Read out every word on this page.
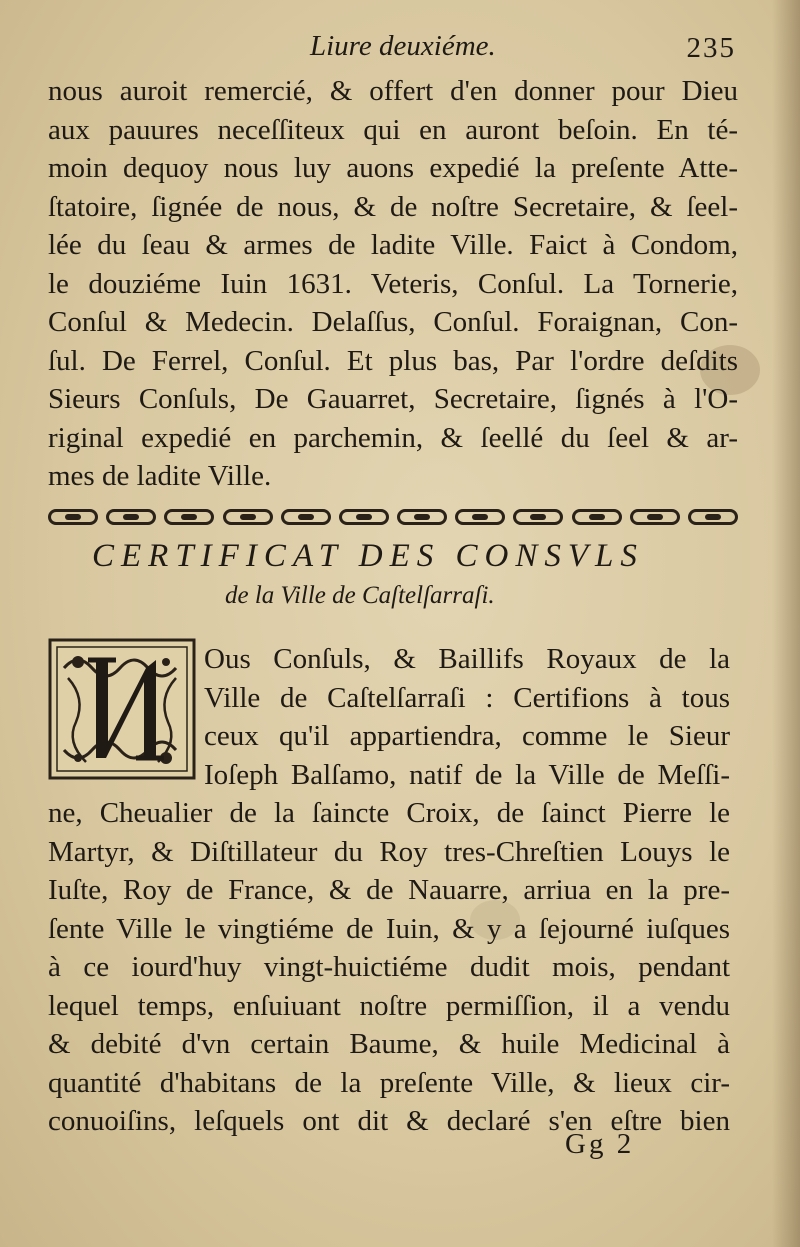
Liure deuxiéme.	235
nous auroit remercié, & offert d'en donner pour Dieu
aux pauures neceſſiteux qui en auront beſoin. En té-
moin dequoy nous luy auons expedié la preſente Atte-
ſtatoire, ſignée de nous, & de noſtre Secretaire, & ſeel-
lée du ſeau & armes de ladite Ville. Faict à Condom,
le douziéme Iuin 1631. Veteris, Conſul. La Tornerie,
Conſul & Medecin. Delaſſus, Conſul. Foraignan, Con-
ſul. De Ferrel, Conſul. Et plus bas, Par l'ordre deſdits
Sieurs Conſuls, De Gauarret, Secretaire, ſignés à l'O-
riginal expedié en parchemin, & ſeellé du ſeel & ar-
mes de ladite Ville.
CERTIFICAT DES CONSVLS
de la Ville de Caſtelſarraſi.
Ous Conſuls, & Baillifs Royaux de la
Ville de Caſtelſarraſi : Certifions à tous
ceux qu'il appartiendra, comme le Sieur
Ioſeph Balſamo, natif de la Ville de Meſſi-
ne, Cheualier de la ſaincte Croix, de ſainct Pierre le
Martyr, & Diſtillateur du Roy tres-Chreſtien Louys le
Iuſte, Roy de France, & de Nauarre, arriua en la pre-
ſente Ville le vingtiéme de Iuin, & y a ſejourné iuſques
à ce iourd'huy vingt-huictiéme dudit mois, pendant
lequel temps, enſuiuant noſtre permiſſion, il a vendu
& debité d'vn certain Baume, & huile Medicinal à
quantité d'habitans de la preſente Ville, & lieux cir-
conuoiſins, leſquels ont dit & declaré s'en eſtre bien
Gg 2
